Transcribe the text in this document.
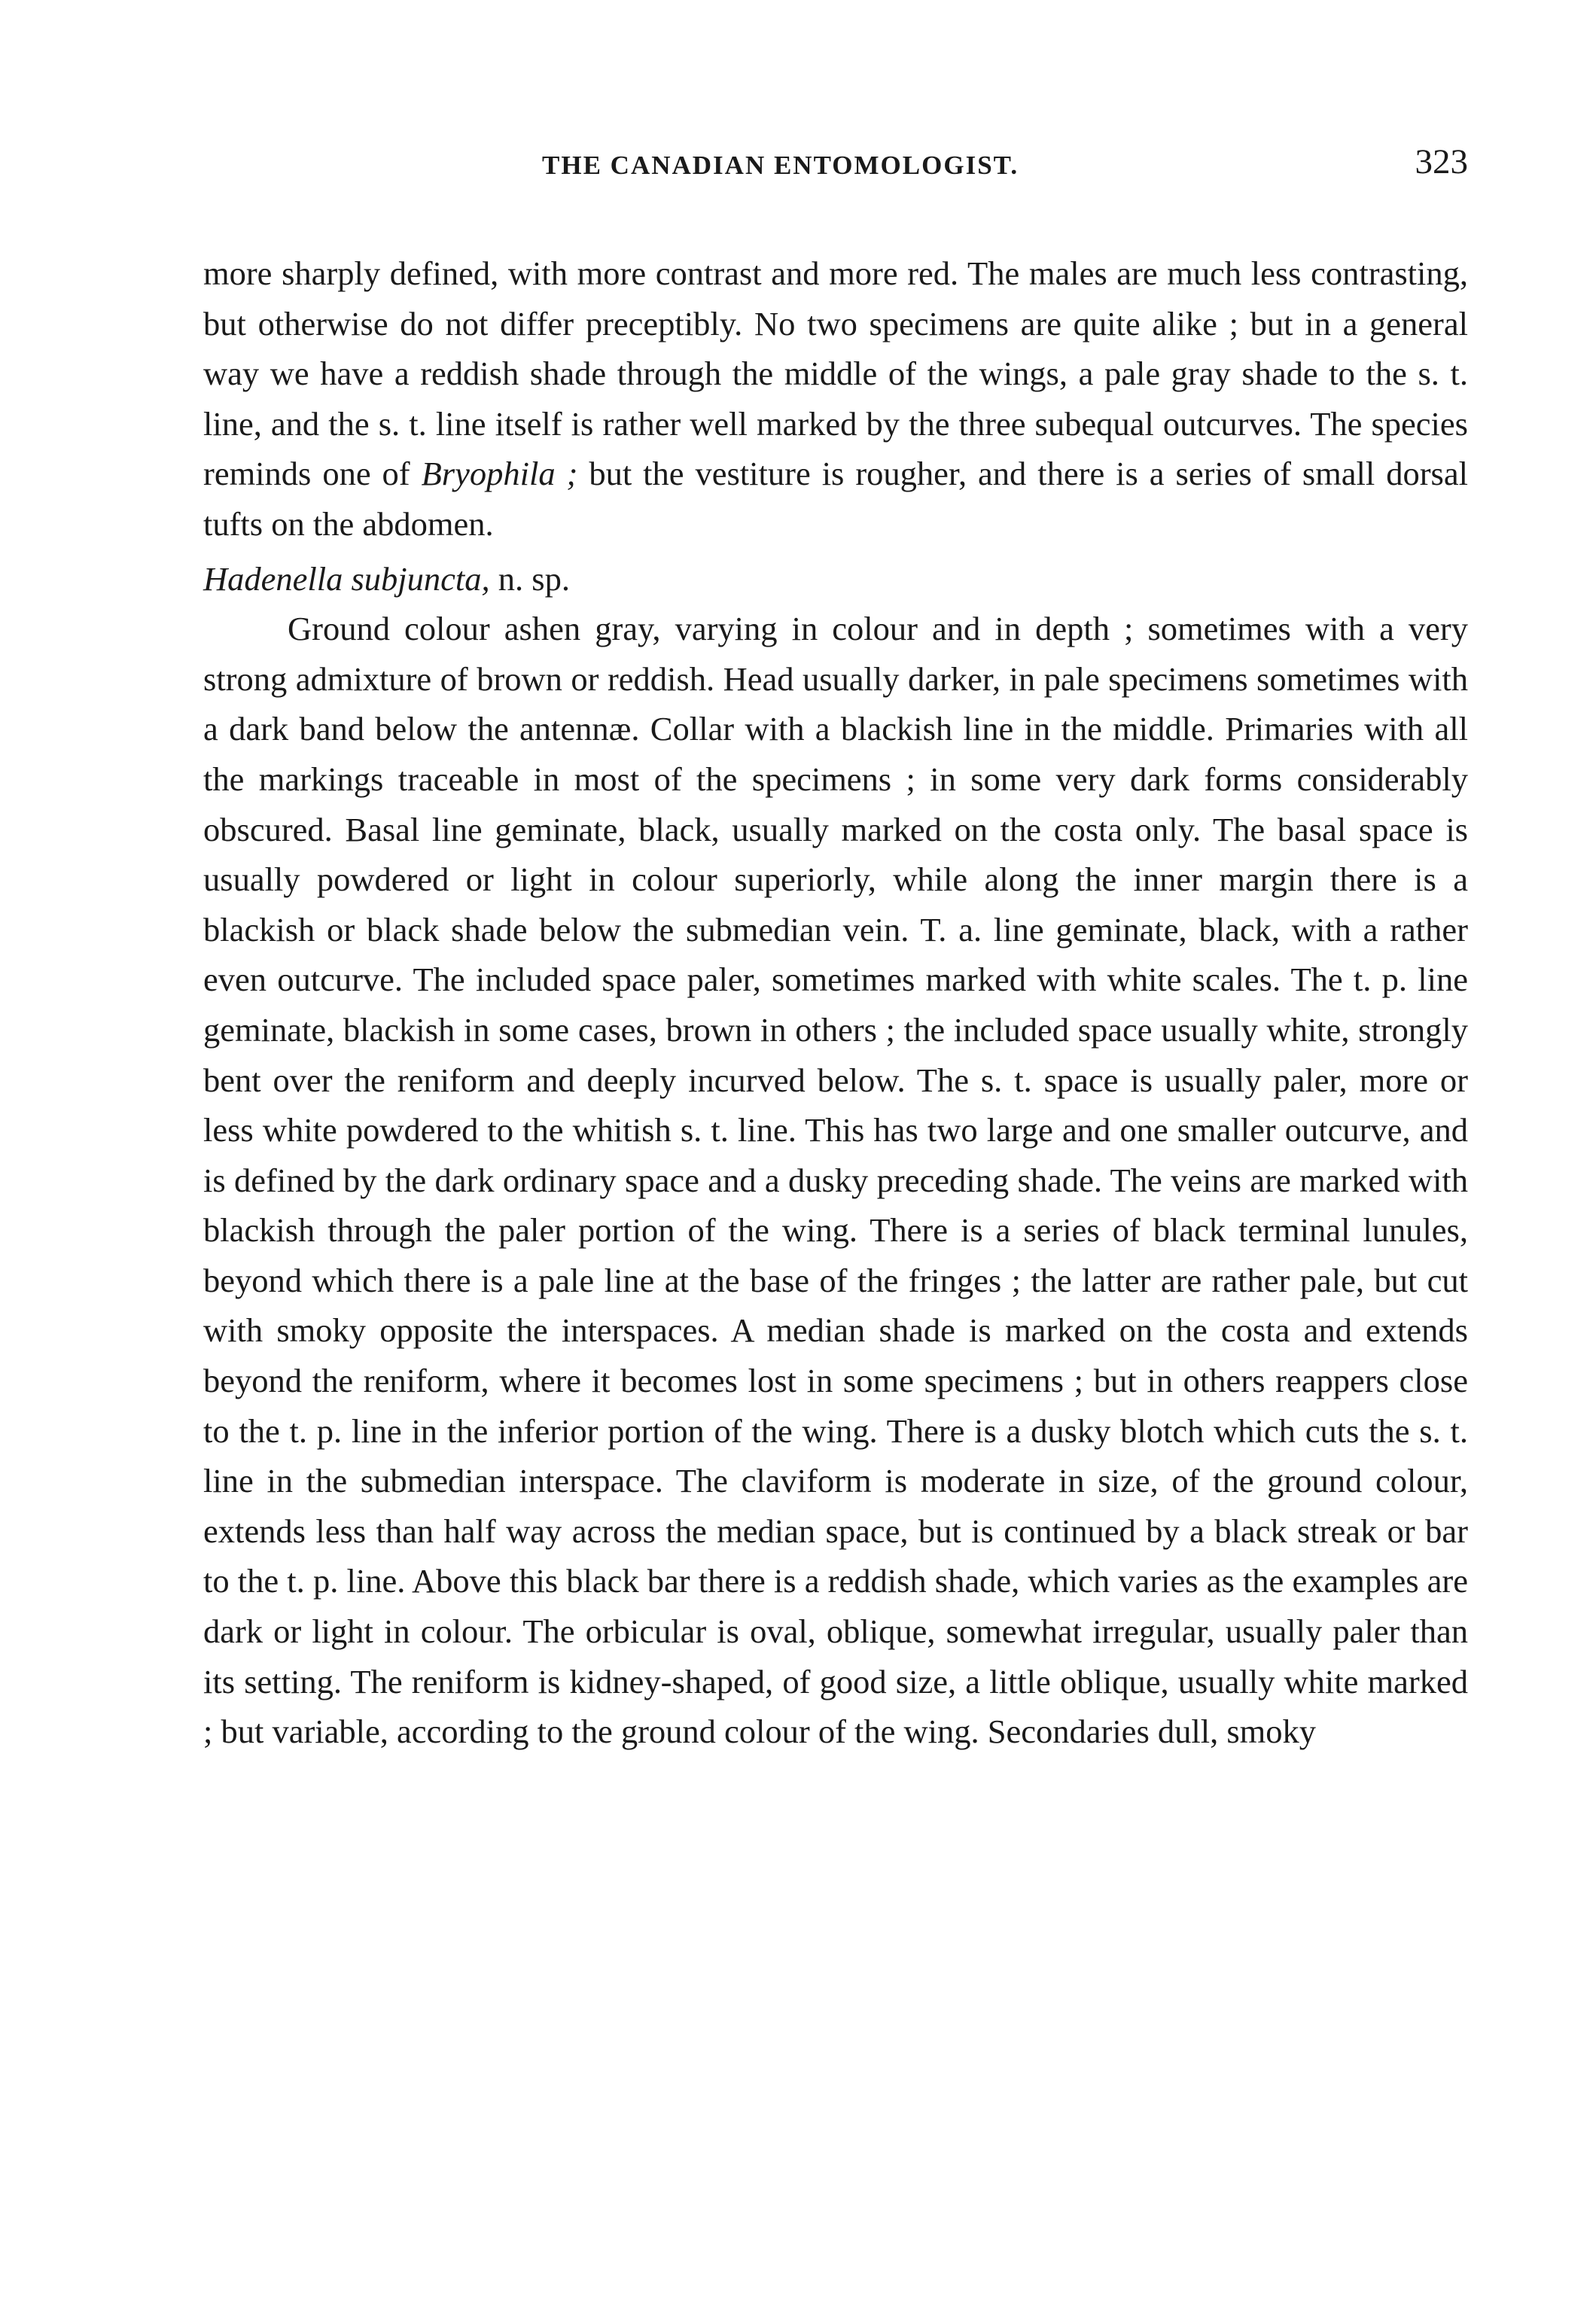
THE CANADIAN ENTOMOLOGIST.	323

more sharply defined, with more contrast and more red. The males are much less contrasting, but otherwise do not differ preceptibly. No two specimens are quite alike ; but in a general way we have a reddish shade through the middle of the wings, a pale gray shade to the s. t. line, and the s. t. line itself is rather well marked by the three subequal outcurves. The species reminds one of Bryophila ; but the vestiture is rougher, and there is a series of small dorsal tufts on the abdomen.

Hadenella subjuncta, n. sp.

Ground colour ashen gray, varying in colour and in depth ; sometimes with a very strong admixture of brown or reddish. Head usually darker, in pale specimens sometimes with a dark band below the antennæ. Collar with a blackish line in the middle. Primaries with all the markings traceable in most of the specimens ; in some very dark forms considerably obscured. Basal line geminate, black, usually marked on the costa only. The basal space is usually powdered or light in colour superiorly, while along the inner margin there is a blackish or black shade below the submedian vein. T. a. line geminate, black, with a rather even outcurve. The included space paler, sometimes marked with white scales. The t. p. line geminate, blackish in some cases, brown in others ; the included space usually white, strongly bent over the reniform and deeply incurved below. The s. t. space is usually paler, more or less white powdered to the whitish s. t. line. This has two large and one smaller outcurve, and is defined by the dark ordinary space and a dusky preceding shade. The veins are marked with blackish through the paler portion of the wing. There is a series of black terminal lunules, beyond which there is a pale line at the base of the fringes ; the latter are rather pale, but cut with smoky opposite the interspaces. A median shade is marked on the costa and extends beyond the reniform, where it becomes lost in some specimens ; but in others reappers close to the t. p. line in the inferior portion of the wing. There is a dusky blotch which cuts the s. t. line in the submedian interspace. The claviform is moderate in size, of the ground colour, extends less than half way across the median space, but is continued by a black streak or bar to the t. p. line. Above this black bar there is a reddish shade, which varies as the examples are dark or light in colour. The orbicular is oval, oblique, somewhat irregular, usually paler than its setting. The reniform is kidney-shaped, of good size, a little oblique, usually white marked ; but variable, according to the ground colour of the wing. Secondaries dull, smoky
